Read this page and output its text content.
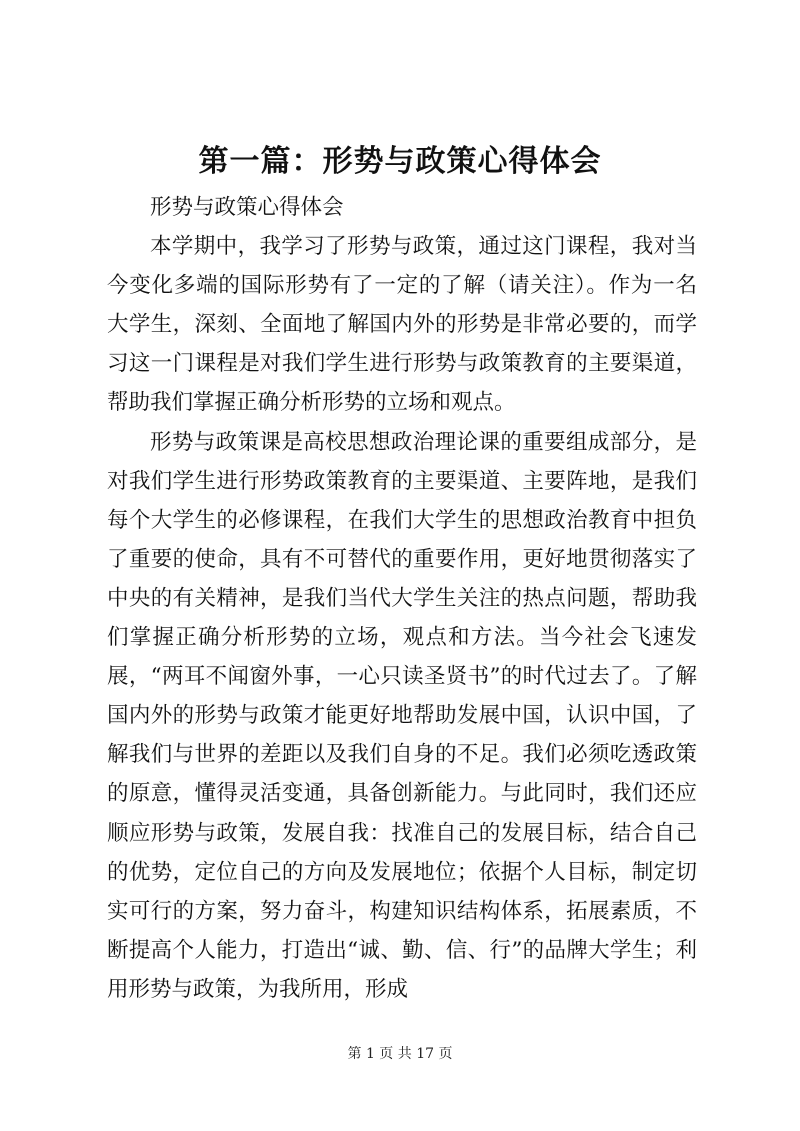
第一篇：形势与政策心得体会

形势与政策心得体会

本学期中，我学习了形势与政策，通过这门课程，我对当今变化多端的国际形势有了一定的了解（请关注）。作为一名大学生，深刻、全面地了解国内外的形势是非常必要的，而学习这一门课程是对我们学生进行形势与政策教育的主要渠道，帮助我们掌握正确分析形势的立场和观点。

形势与政策课是高校思想政治理论课的重要组成部分，是对我们学生进行形势政策教育的主要渠道、主要阵地，是我们每个大学生的必修课程，在我们大学生的思想政治教育中担负了重要的使命，具有不可替代的重要作用，更好地贯彻落实了中央的有关精神，是我们当代大学生关注的热点问题，帮助我们掌握正确分析形势的立场，观点和方法。当今社会飞速发展，“两耳不闻窗外事，一心只读圣贤书”的时代过去了。了解国内外的形势与政策才能更好地帮助发展中国，认识中国，了解我们与世界的差距以及我们自身的不足。我们必须吃透政策的原意，懂得灵活变通，具备创新能力。与此同时，我们还应顺应形势与政策，发展自我：找准自己的发展目标，结合自己的优势，定位自己的方向及发展地位；依据个人目标，制定切实可行的方案，努力奋斗，构建知识结构体系，拓展素质，不断提高个人能力，打造出“诚、勤、信、行”的品牌大学生；利用形势与政策，为我所用，形成

第 1 页 共 17 页
